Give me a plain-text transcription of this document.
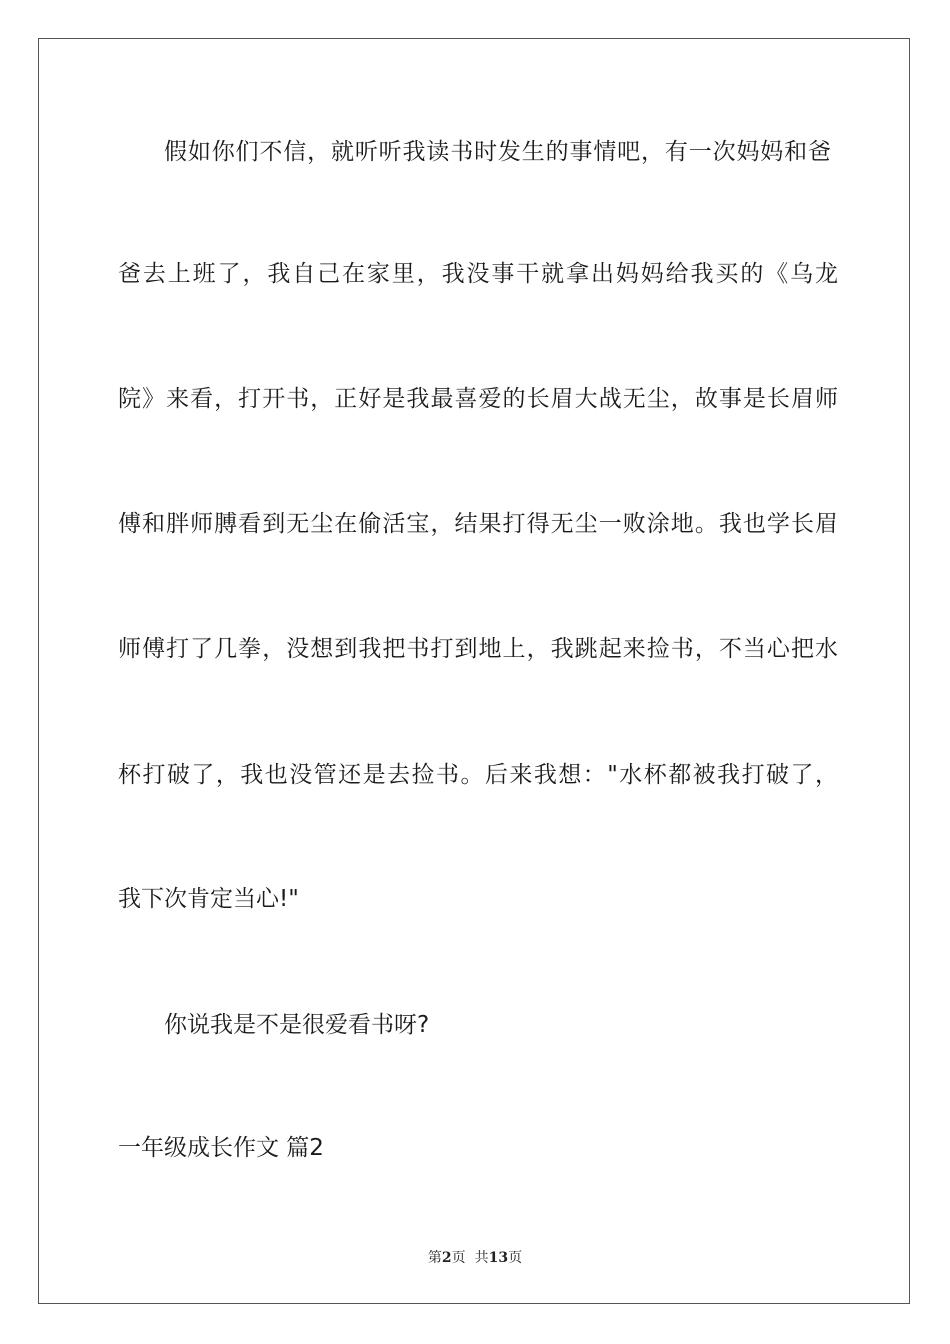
假如你们不信，就听听我读书时发生的事情吧，有一次妈妈和爸
爸去上班了，我自己在家里，我没事干就拿出妈妈给我买的《乌龙
院》来看，打开书，正好是我最喜爱的长眉大战无尘，故事是长眉师
傅和胖师膊看到无尘在偷活宝，结果打得无尘一败涂地。我也学长眉
师傅打了几拳，没想到我把书打到地上，我跳起来捡书，不当心把水
杯打破了，我也没管还是去捡书。后来我想："水杯都被我打破了，
我下次肯定当心!"
你说我是不是很爱看书呀?
一年级成长作文 篇2
第2页  共13页
